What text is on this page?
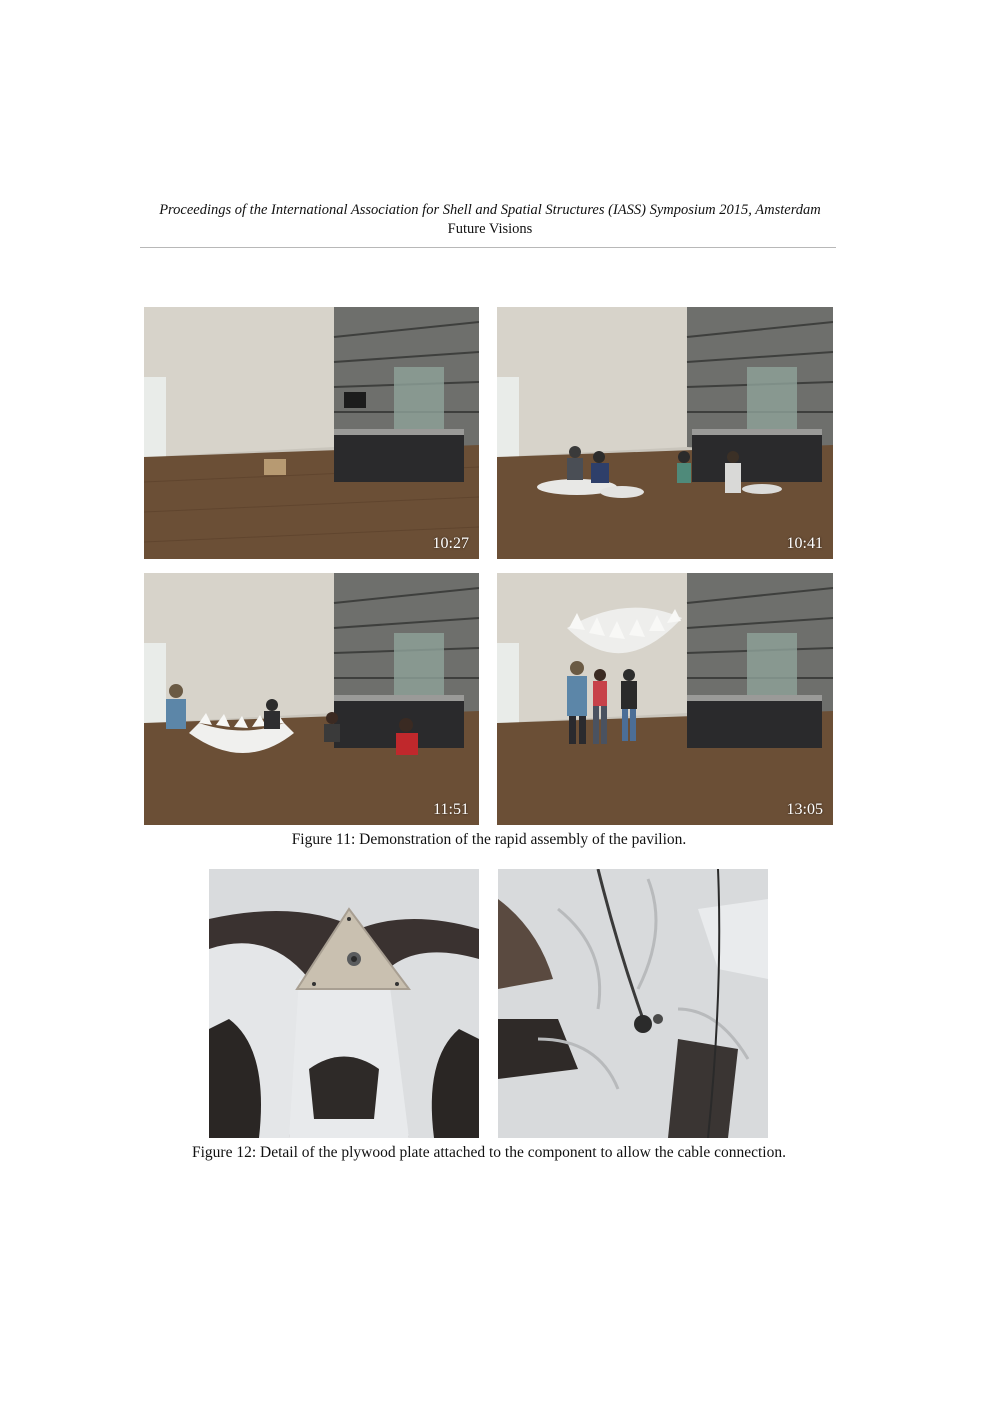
Proceedings of the International Association for Shell and Spatial Structures (IASS) Symposium 2015, Amsterdam
Future Visions
10:27	10:41
11:51	13:05
Figure 11: Demonstration of the rapid assembly of the pavilion.
Figure 12: Detail of the plywood plate attached to the component to allow the cable connection.
